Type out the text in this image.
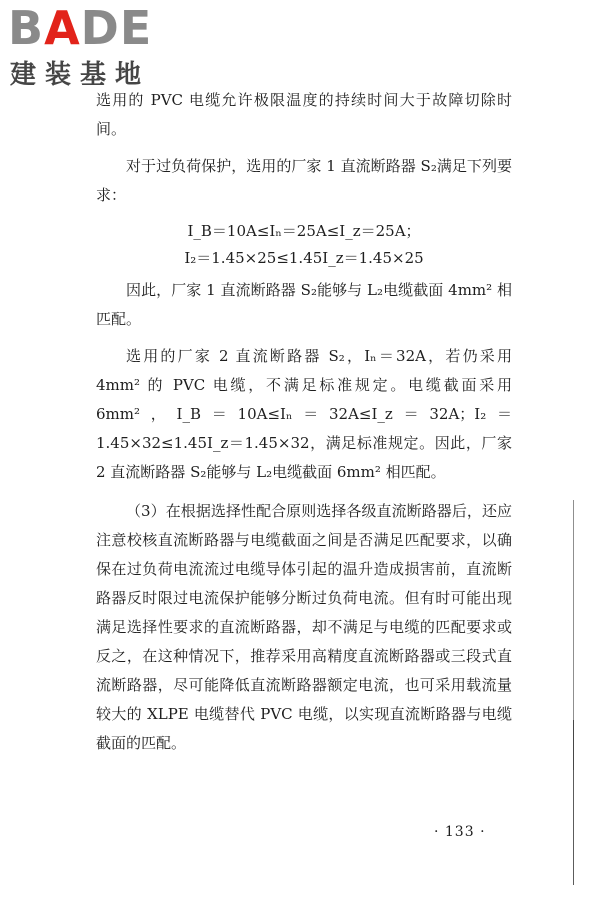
BADE
建装基地

选用的 PVC 电缆允许极限温度的持续时间大于故障切除时间。

对于过负荷保护，选用的厂家 1 直流断路器 S₂满足下列要求：

I_B＝10A≤Iₙ＝25A≤I_z＝25A；

I₂＝1.45×25≤1.45I_z＝1.45×25

因此，厂家 1 直流断路器 S₂能够与 L₂电缆截面 4mm² 相匹配。

选用的厂家 2 直流断路器 S₂，Iₙ＝32A，若仍采用 4mm² 的 PVC 电缆，不满足标准规定。电缆截面采用 6mm²，I_B＝10A≤Iₙ＝32A≤I_z＝32A；I₂＝1.45×32≤1.45I_z＝1.45×32，满足标准规定。因此，厂家 2 直流断路器 S₂能够与 L₂电缆截面 6mm² 相匹配。

（3）在根据选择性配合原则选择各级直流断路器后，还应注意校核直流断路器与电缆截面之间是否满足匹配要求，以确保在过负荷电流流过电缆导体引起的温升造成损害前，直流断路器反时限过电流保护能够分断过负荷电流。但有时可能出现满足选择性要求的直流断路器，却不满足与电缆的匹配要求或反之，在这种情况下，推荐采用高精度直流断路器或三段式直流断路器，尽可能降低直流断路器额定电流，也可采用载流量较大的 XLPE 电缆替代 PVC 电缆，以实现直流断路器与电缆截面的匹配。

· 133 ·
